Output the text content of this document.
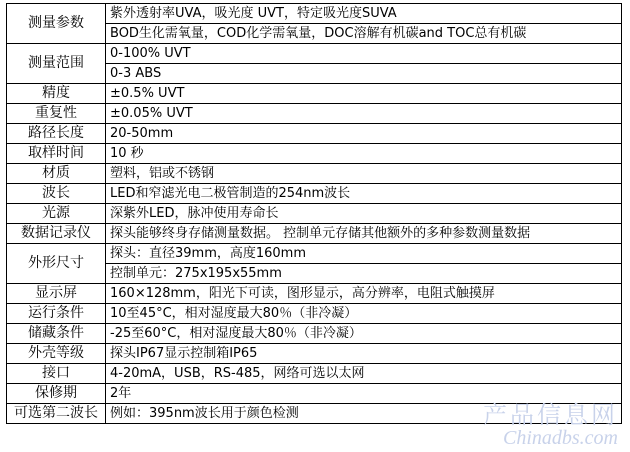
测量参数	紫外透射率UVA，吸光度 UVT，特定吸光度SUVA
	BOD生化需氧量，COD化学需氧量，DOC溶解有机碳and TOC总有机碳
测量范围	0-100% UVT
	0-3 ABS
精度	±0.5% UVT
重复性	±0.05% UVT
路径长度	20-50mm
取样时间	10 秒
材质	塑料，铝或不锈钢
波长	LED和窄滤光电二极管制造的254nm波长
光源	深紫外LED，脉冲使用寿命长
数据记录仪	探头能够终身存储测量数据。 控制单元存储其他额外的多种参数测量数据
外形尺寸	探头：直径39mm，高度160mm
	控制单元：275x195x55mm
显示屏	160×128mm，阳光下可读，图形显示，高分辨率，电阻式触摸屏
运行条件	10至45°C，相对湿度最大80％（非冷凝）
储藏条件	-25至60°C，相对湿度最大80％（非冷凝）
外壳等级	探头IP67显示控制箱IP65
接口	4-20mA，USB，RS-485，网络可选以太网
保修期	2年
可选第二波长	例如：395nm波长用于颜色检测	产品信息网
Chinadbs.com
